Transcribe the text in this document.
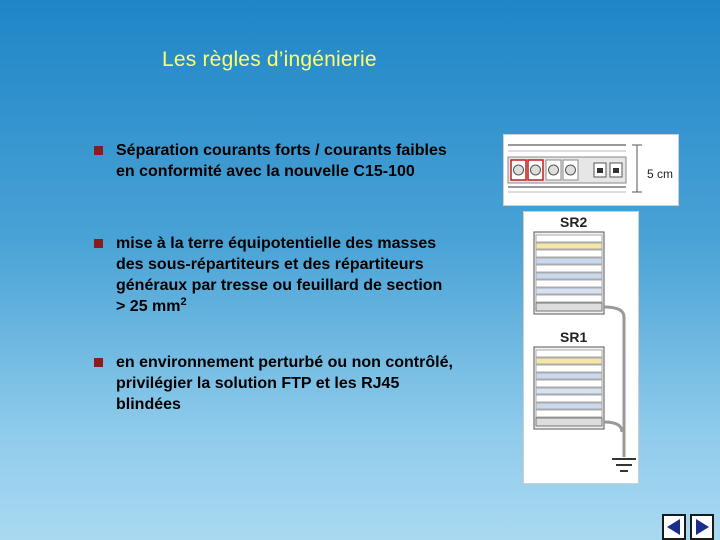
Les règles d’ingénierie
Séparation courants forts / courants faibles en conformité avec la nouvelle C15-100
mise à la terre équipotentielle des masses des sous-répartiteurs et des répartiteurs généraux par tresse ou feuillard de section > 25 $mm^2$
en environnement perturbé ou non contrôlé, privilégier la solution FTP et les RJ45 blindées
5 cm
SR2
SR1
